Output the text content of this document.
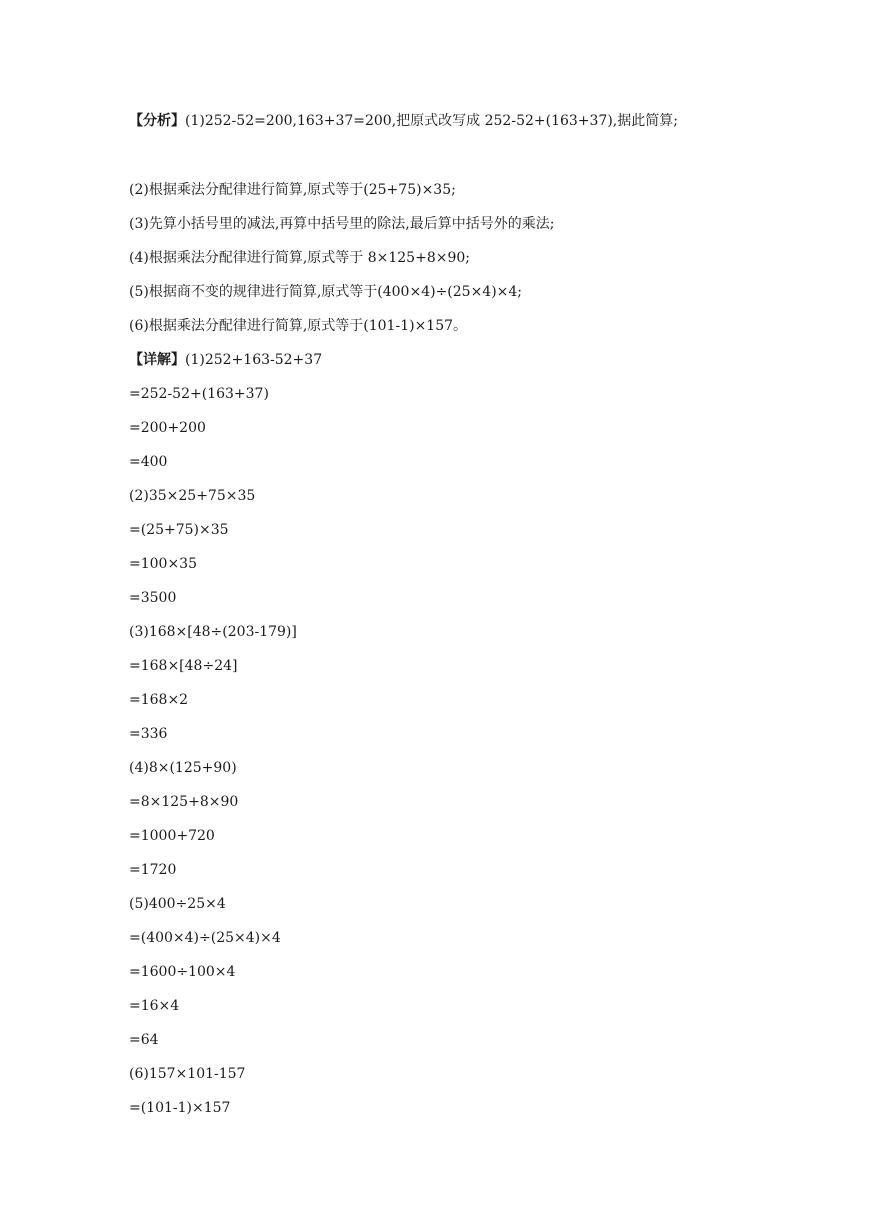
【分析】(1)252-52=200,163+37=200,把原式改写成 252-52+(163+37),据此简算;
(2)根据乘法分配律进行简算,原式等于(25+75)×35;
(3)先算小括号里的减法,再算中括号里的除法,最后算中括号外的乘法;
(4)根据乘法分配律进行简算,原式等于 8×125+8×90;
(5)根据商不变的规律进行简算,原式等于(400×4)÷(25×4)×4;
(6)根据乘法分配律进行简算,原式等于(101-1)×157。
【详解】(1)252+163-52+37
=252-52+(163+37)
=200+200
=400
(2)35×25+75×35
=(25+75)×35
=100×35
=3500
(3)168×[48÷(203-179)]
=168×[48÷24]
=168×2
=336
(4)8×(125+90)
=8×125+8×90
=1000+720
=1720
(5)400÷25×4
=(400×4)÷(25×4)×4
=1600÷100×4
=16×4
=64
(6)157×101-157
=(101-1)×157
